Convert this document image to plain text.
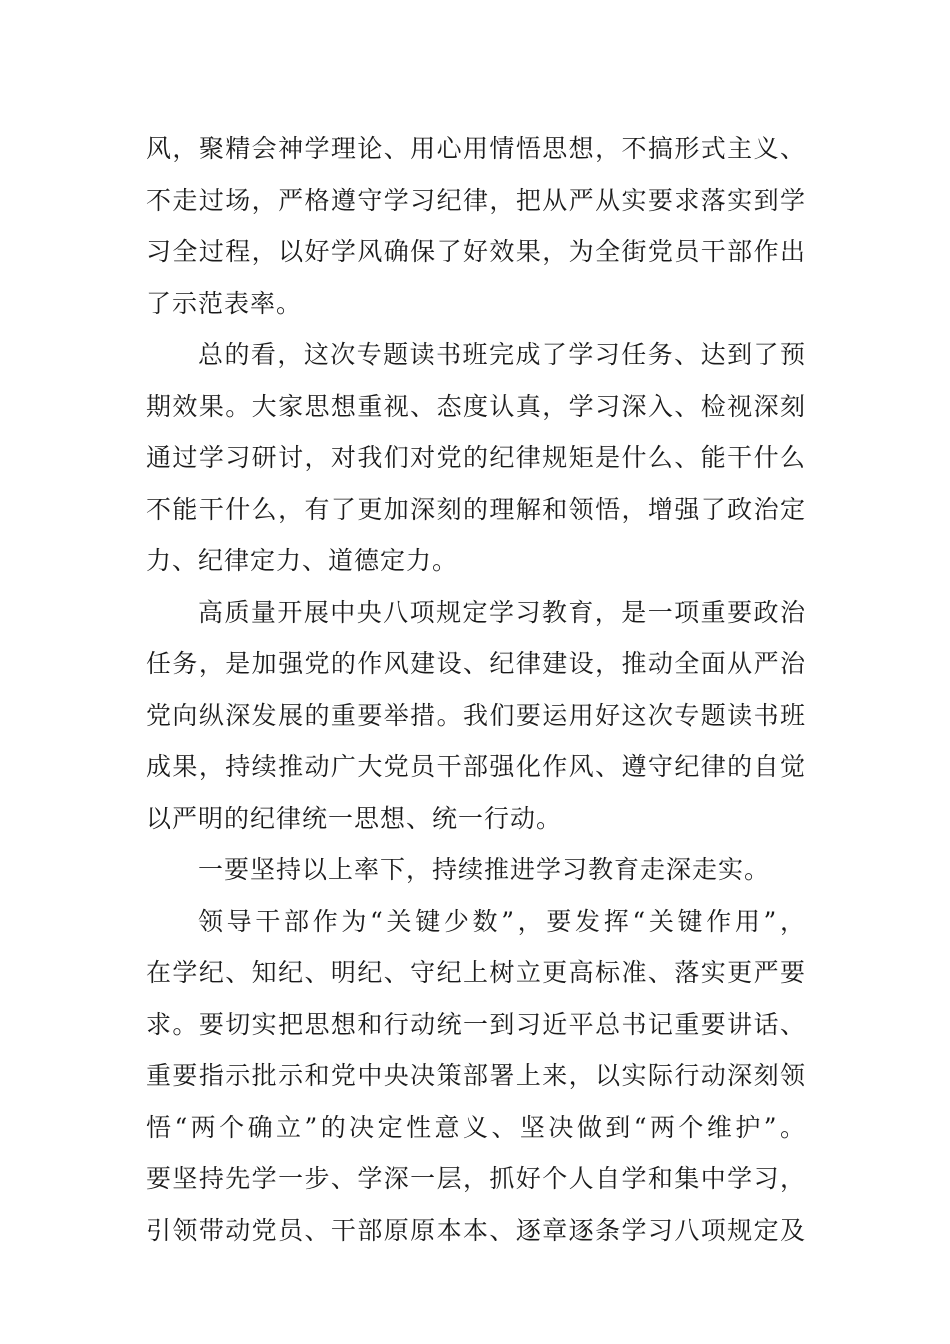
风，聚精会神学理论、用心用情悟思想，不搞形式主义、
不走过场，严格遵守学习纪律，把从严从实要求落实到学
习全过程，以好学风确保了好效果，为全街党员干部作出
了示范表率。
总的看，这次专题读书班完成了学习任务、达到了预
期效果。大家思想重视、态度认真，学习深入、检视深刻
通过学习研讨，对我们对党的纪律规矩是什么、能干什么
不能干什么，有了更加深刻的理解和领悟，增强了政治定
力、纪律定力、道德定力。
高质量开展中央八项规定学习教育，是一项重要政治
任务，是加强党的作风建设、纪律建设，推动全面从严治
党向纵深发展的重要举措。我们要运用好这次专题读书班
成果，持续推动广大党员干部强化作风、遵守纪律的自觉
以严明的纪律统一思想、统一行动。
一要坚持以上率下，持续推进学习教育走深走实。
领导干部作为“关键少数”，要发挥“关键作用”，
在学纪、知纪、明纪、守纪上树立更高标准、落实更严要
求。要切实把思想和行动统一到习近平总书记重要讲话、
重要指示批示和党中央决策部署上来，以实际行动深刻领
悟“两个确立”的决定性意义、坚决做到“两个维护”。
要坚持先学一步、学深一层，抓好个人自学和集中学习，
引领带动党员、干部原原本本、逐章逐条学习八项规定及
